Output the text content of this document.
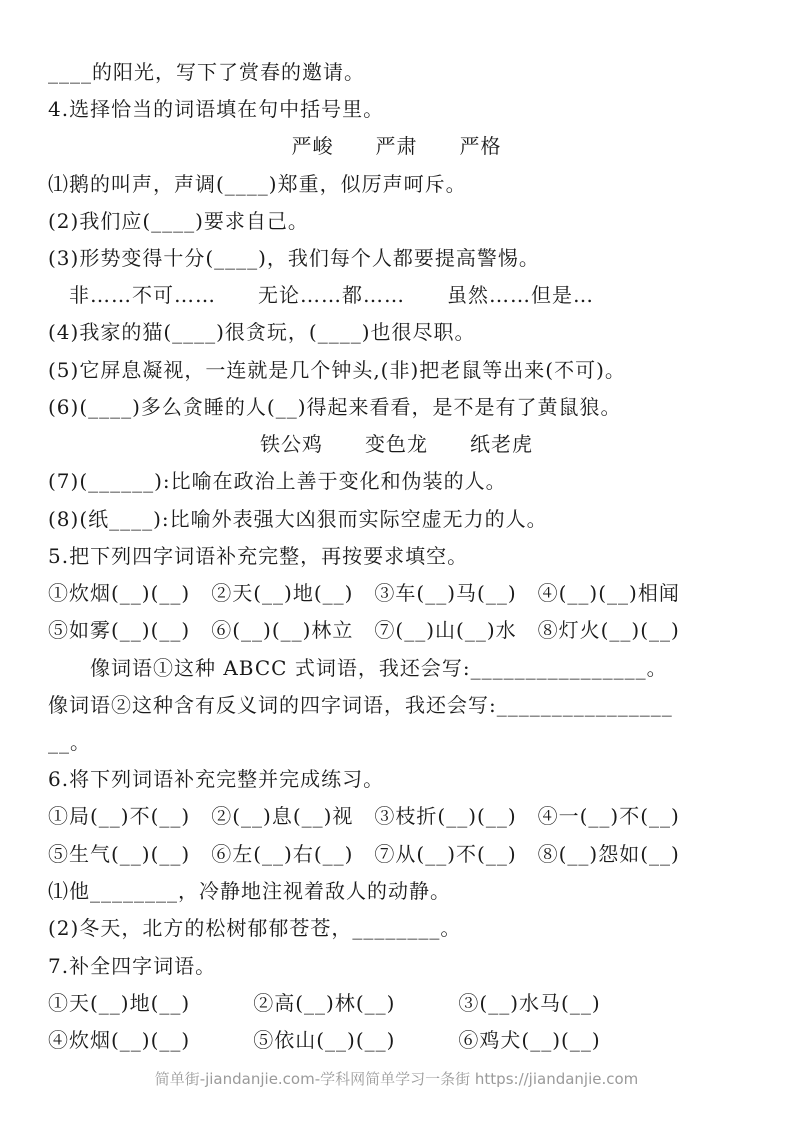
____的阳光，写下了赏春的邀请。
4.选择恰当的词语填在句中括号里。
严峻　　严肃　　严格
⑴鹅的叫声，声调(____)郑重，似厉声呵斥。
(2)我们应(____)要求自己。
(3)形势变得十分(____)，我们每个人都要提高警惕。
　非……不可……　　无论……都……　　虽然……但是…
(4)我家的猫(____)很贪玩，(____)也很尽职。
(5)它屏息凝视，一连就是几个钟头,(非)把老鼠等出来(不可)。
(6)(____)多么贪睡的人(__)得起来看看，是不是有了黄鼠狼。
铁公鸡　　变色龙　　纸老虎
(7)(______):比喻在政治上善于变化和伪装的人。
(8)(纸____):比喻外表强大凶狠而实际空虚无力的人。
5.把下列四字词语补充完整，再按要求填空。
①炊烟(__)(__)　②天(__)地(__)　③车(__)马(__)　④(__)(__)相闻
⑤如雾(__)(__)　⑥(__)(__)林立　⑦(__)山(__)水　⑧灯火(__)(__)
　　像词语①这种 ABCC 式词语，我还会写:________________。
像词语②这种含有反义词的四字词语，我还会写:________________
__。
6.将下列词语补充完整并完成练习。
①局(__)不(__)　②(__)息(__)视　③枝折(__)(__)　④一(__)不(__)
⑤生气(__)(__)　⑥左(__)右(__)　⑦从(__)不(__)　⑧(__)怨如(__)
⑴他________，冷静地注视着敌人的动静。
(2)冬天，北方的松树郁郁苍苍，________。
7.补全四字词语。
①天(__)地(__)　　　②高(__)林(__)　　　③(__)水马(__)
④炊烟(__)(__)　　　⑤依山(__)(__)　　　⑥鸡犬(__)(__)
简单街-jiandanjie.com-学科网简单学习一条街 https://jiandanjie.com
